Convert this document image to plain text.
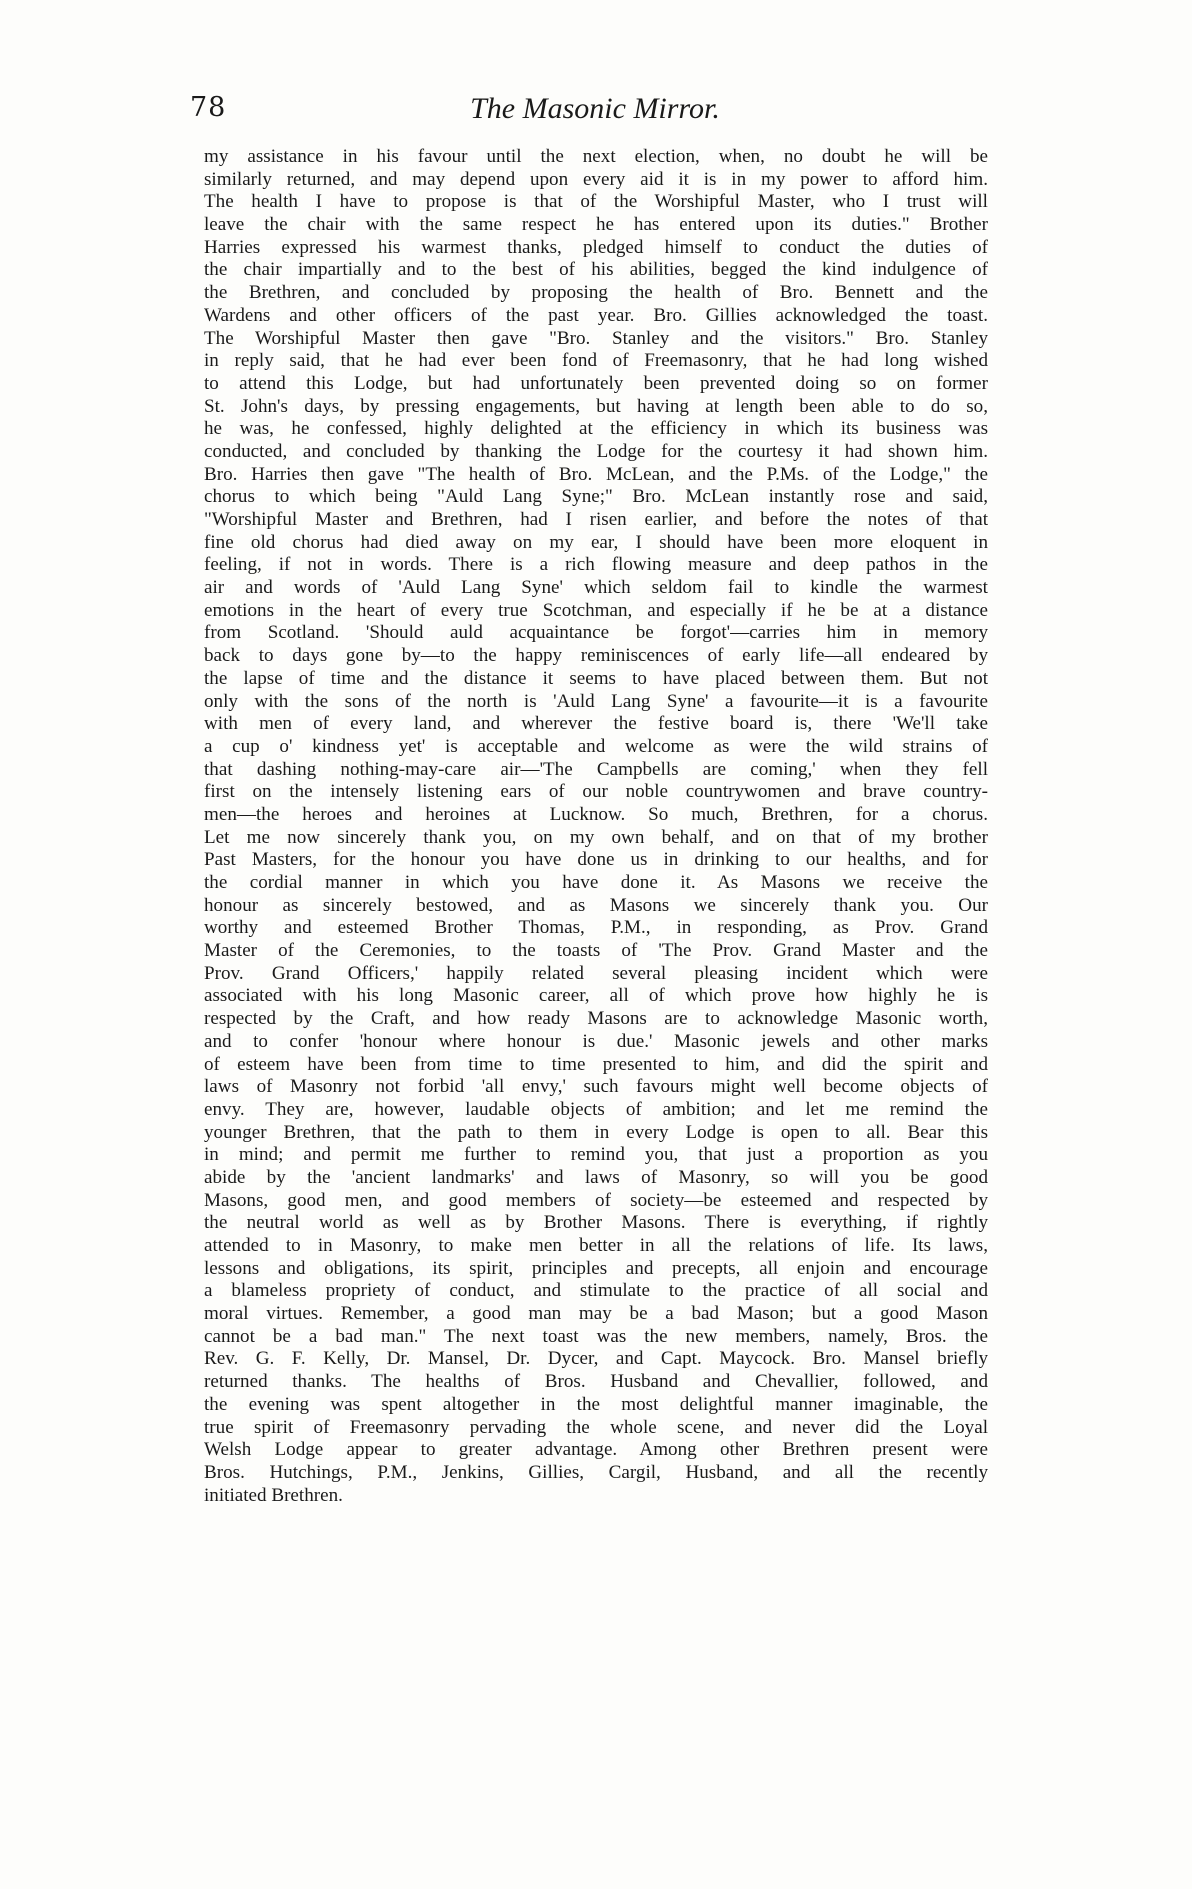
78	The Masonic Mirror.
my assistance in his favour until the next election, when, no doubt he will be
similarly returned, and may depend upon every aid it is in my power to afford him.
The health I have to propose is that of the Worshipful Master, who I trust will
leave the chair with the same respect he has entered upon its duties." Brother
Harries expressed his warmest thanks, pledged himself to conduct the duties of
the chair impartially and to the best of his abilities, begged the kind indulgence of
the Brethren, and concluded by proposing the health of Bro. Bennett and the
Wardens and other officers of the past year. Bro. Gillies acknowledged the toast.
The Worshipful Master then gave "Bro. Stanley and the visitors." Bro. Stanley
in reply said, that he had ever been fond of Freemasonry, that he had long wished
to attend this Lodge, but had unfortunately been prevented doing so on former
St. John's days, by pressing engagements, but having at length been able to do so,
he was, he confessed, highly delighted at the efficiency in which its business was
conducted, and concluded by thanking the Lodge for the courtesy it had shown him.
Bro. Harries then gave "The health of Bro. McLean, and the P.Ms. of the Lodge," the
chorus to which being "Auld Lang Syne;" Bro. McLean instantly rose and said,
"Worshipful Master and Brethren, had I risen earlier, and before the notes of that
fine old chorus had died away on my ear, I should have been more eloquent in
feeling, if not in words. There is a rich flowing measure and deep pathos in the
air and words of 'Auld Lang Syne' which seldom fail to kindle the warmest
emotions in the heart of every true Scotchman, and especially if he be at a distance
from Scotland. 'Should auld acquaintance be forgot'—carries him in memory
back to days gone by—to the happy reminiscences of early life—all endeared by
the lapse of time and the distance it seems to have placed between them. But not
only with the sons of the north is 'Auld Lang Syne' a favourite—it is a favourite
with men of every land, and wherever the festive board is, there 'We'll take
a cup o' kindness yet' is acceptable and welcome as were the wild strains of
that dashing nothing-may-care air—'The Campbells are coming,' when they fell
first on the intensely listening ears of our noble countrywomen and brave country-
men—the heroes and heroines at Lucknow. So much, Brethren, for a chorus.
Let me now sincerely thank you, on my own behalf, and on that of my brother
Past Masters, for the honour you have done us in drinking to our healths, and for
the cordial manner in which you have done it. As Masons we receive the
honour as sincerely bestowed, and as Masons we sincerely thank you. Our
worthy and esteemed Brother Thomas, P.M., in responding, as Prov. Grand
Master of the Ceremonies, to the toasts of 'The Prov. Grand Master and the
Prov. Grand Officers,' happily related several pleasing incident which were
associated with his long Masonic career, all of which prove how highly he is
respected by the Craft, and how ready Masons are to acknowledge Masonic worth,
and to confer 'honour where honour is due.' Masonic jewels and other marks
of esteem have been from time to time presented to him, and did the spirit and
laws of Masonry not forbid 'all envy,' such favours might well become objects of
envy. They are, however, laudable objects of ambition; and let me remind the
younger Brethren, that the path to them in every Lodge is open to all. Bear this
in mind; and permit me further to remind you, that just a proportion as you
abide by the 'ancient landmarks' and laws of Masonry, so will you be good
Masons, good men, and good members of society—be esteemed and respected by
the neutral world as well as by Brother Masons. There is everything, if rightly
attended to in Masonry, to make men better in all the relations of life. Its laws,
lessons and obligations, its spirit, principles and precepts, all enjoin and encourage
a blameless propriety of conduct, and stimulate to the practice of all social and
moral virtues. Remember, a good man may be a bad Mason; but a good Mason
cannot be a bad man." The next toast was the new members, namely, Bros. the
Rev. G. F. Kelly, Dr. Mansel, Dr. Dycer, and Capt. Maycock. Bro. Mansel briefly
returned thanks. The healths of Bros. Husband and Chevallier, followed, and
the evening was spent altogether in the most delightful manner imaginable, the
true spirit of Freemasonry pervading the whole scene, and never did the Loyal
Welsh Lodge appear to greater advantage. Among other Brethren present were
Bros. Hutchings, P.M., Jenkins, Gillies, Cargil, Husband, and all the recently
initiated Brethren.
